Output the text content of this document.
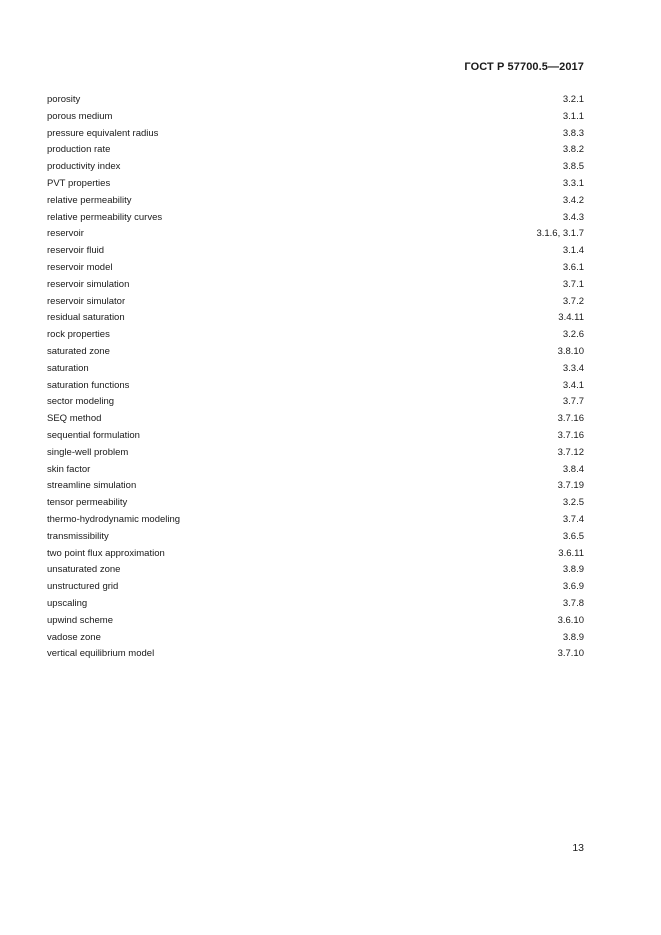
ГОСТ Р 57700.5—2017
porosity	3.2.1
porous medium	3.1.1
pressure equivalent radius	3.8.3
production rate	3.8.2
productivity index	3.8.5
PVT properties	3.3.1
relative permeability	3.4.2
relative permeability curves	3.4.3
reservoir	3.1.6, 3.1.7
reservoir fluid	3.1.4
reservoir model	3.6.1
reservoir simulation	3.7.1
reservoir simulator	3.7.2
residual saturation	3.4.11
rock properties	3.2.6
saturated zone	3.8.10
saturation	3.3.4
saturation functions	3.4.1
sector modeling	3.7.7
SEQ method	3.7.16
sequential formulation	3.7.16
single-well problem	3.7.12
skin factor	3.8.4
streamline simulation	3.7.19
tensor permeability	3.2.5
thermo-hydrodynamic modeling	3.7.4
transmissibility	3.6.5
two point flux approximation	3.6.11
unsaturated zone	3.8.9
unstructured grid	3.6.9
upscaling	3.7.8
upwind scheme	3.6.10
vadose zone	3.8.9
vertical equilibrium model	3.7.10
13
